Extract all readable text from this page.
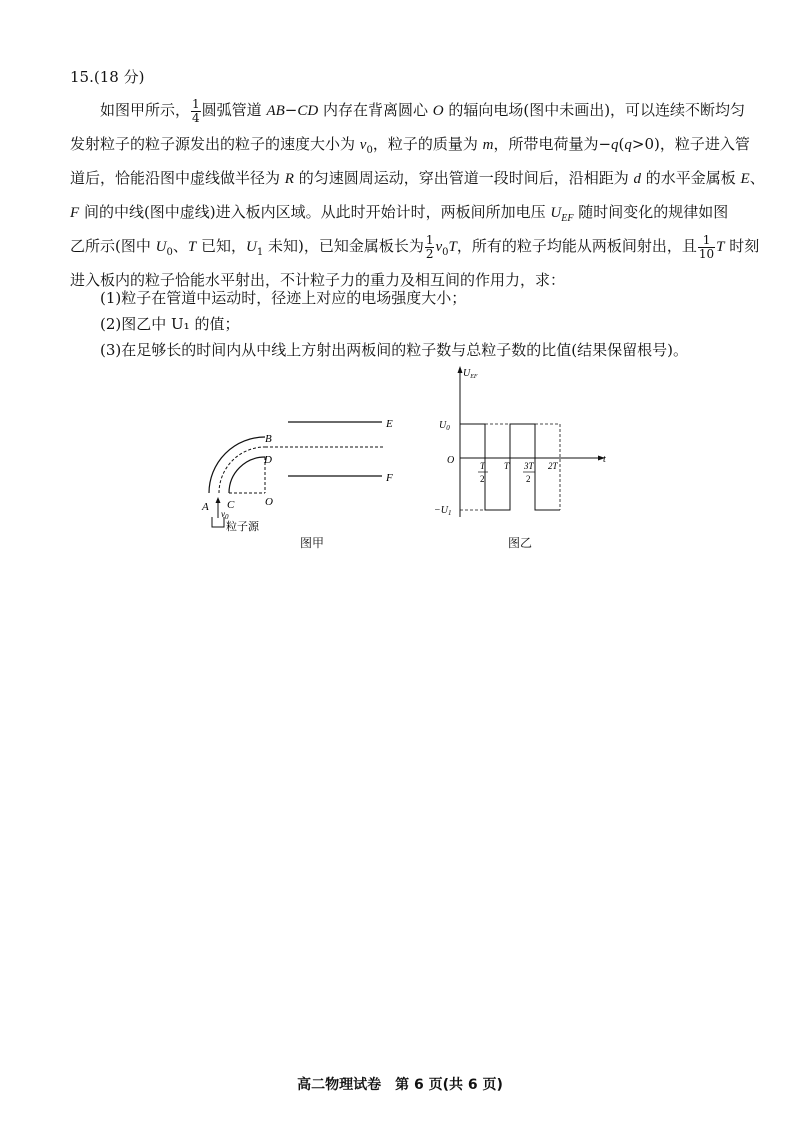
15.(18 分)
如图甲所示， $\frac{1}{4}$ 圆弧管道 AB−CD 内存在背离圆心 O 的辐向电场(图中未画出)，可以连续不断均匀
发射粒子的粒子源发出的粒子的速度大小为 $v_0$，粒子的质量为 m，所带电荷量为−q(q>0)，粒子进入管
道后，恰能沿图中虚线做半径为 R 的匀速圆周运动，穿出管道一段时间后，沿相距为 d 的水平金属板 E、
F 间的中线(图中虚线)进入板内区域。从此时开始计时，两板间所加电压 $U_{EF}$ 随时间变化的规律如图
乙所示(图中 $U_0$、T 已知，$U_1$ 未知)，已知金属板长为 $\frac{1}{2} v_0T$，所有的粒子均能从两板间射出，且 $\frac{1}{10}$ T 时刻
进入板内的粒子恰能水平射出，不计粒子力的重力及相互间的作用力，求：
(1)粒子在管道中运动时，径迹上对应的电场强度大小；
(2)图乙中 U₁ 的值；
(3)在足够长的时间内从中线上方射出两板间的粒子数与总粒子数的比值(结果保留根号)。
E
F
B
D
O
A C
$v_0$
粒子源
图甲
$U_{EF}$
t
O
$U_0$
$-U_1$
T
2
T 3T
2
2T
图乙
高二物理试卷　第 6 页(共 6 页)
